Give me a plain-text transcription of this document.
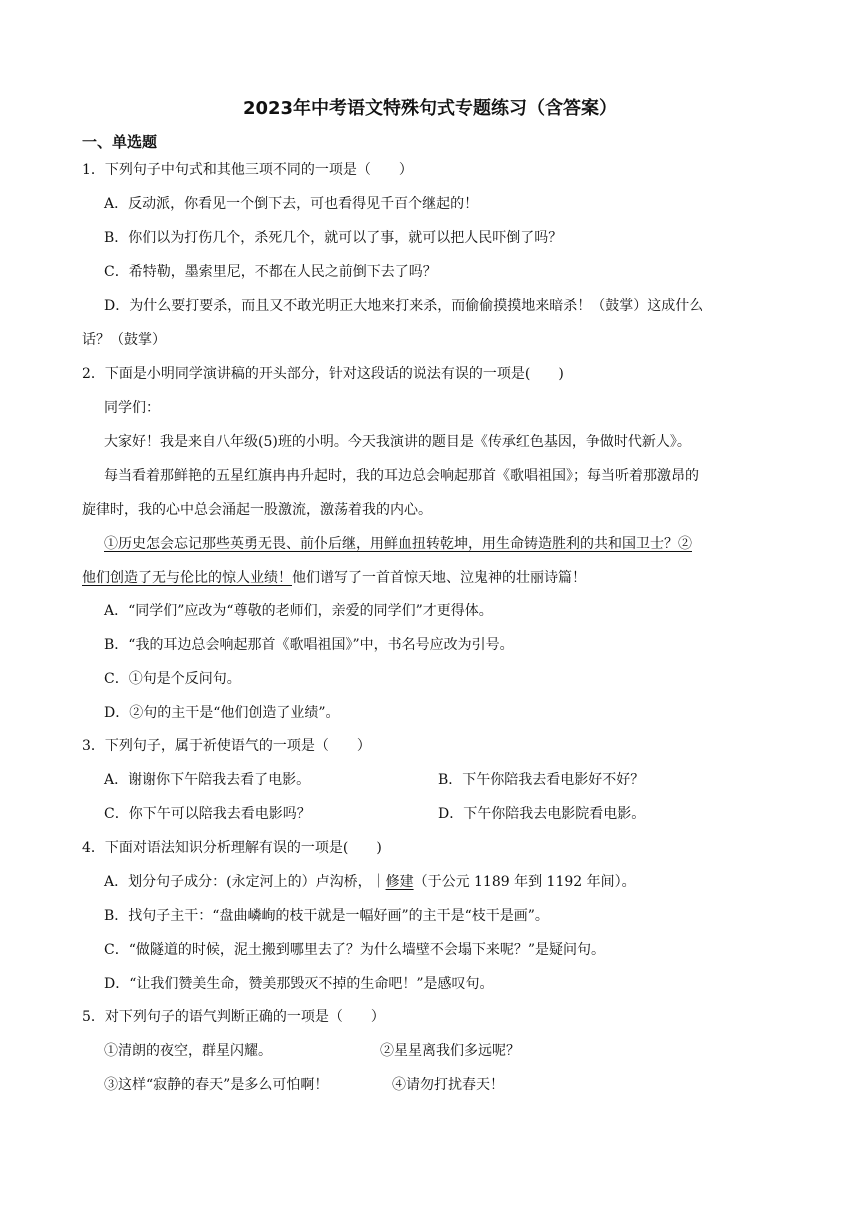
2023年中考语文特殊句式专题练习（含答案）
一、单选题
1．下列句子中句式和其他三项不同的一项是（　　）
A．反动派，你看见一个倒下去，可也看得见千百个继起的！
B．你们以为打伤几个，杀死几个，就可以了事，就可以把人民吓倒了吗？
C．希特勒，墨索里尼，不都在人民之前倒下去了吗？
D．为什么要打要杀，而且又不敢光明正大地来打来杀，而偷偷摸摸地来暗杀！（鼓掌）这成什么
话？（鼓掌）
2．下面是小明同学演讲稿的开头部分，针对这段话的说法有误的一项是(　　)
同学们：
大家好！我是来自八年级(5)班的小明。今天我演讲的题目是《传承红色基因，争做时代新人》。
每当看着那鲜艳的五星红旗冉冉升起时，我的耳边总会响起那首《歌唱祖国》；每当听着那激昂的
旋律时，我的心中总会涌起一股激流，激荡着我的内心。
①历史怎会忘记那些英勇无畏、前仆后继，用鲜血扭转乾坤，用生命铸造胜利的共和国卫士？②
他们创造了无与伦比的惊人业绩！他们谱写了一首首惊天地、泣鬼神的壮丽诗篇！
A．“同学们”应改为“尊敬的老师们，亲爱的同学们”才更得体。
B．“我的耳边总会响起那首《歌唱祖国》”中，书名号应改为引号。
C．①句是个反问句。
D．②句的主干是“他们创造了业绩”。
3．下列句子，属于祈使语气的一项是（　　）
A．谢谢你下午陪我去看了电影。	B．下午你陪我去看电影好不好？
C．你下午可以陪我去看电影吗？	D．下午你陪我去电影院看电影。
4．下面对语法知识分析理解有误的一项是(　　)
A．划分句子成分：(永定河上的）卢沟桥，｜修建（于公元 1189 年到 1192 年间）。
B．找句子主干：“盘曲嶙峋的枝干就是一幅好画”的主干是“枝干是画”。
C．“做隧道的时候，泥土搬到哪里去了？为什么墙壁不会塌下来呢？”是疑问句。
D．“让我们赞美生命，赞美那毁灭不掉的生命吧！”是感叹句。
5．对下列句子的语气判断正确的一项是（　　）
①清朗的夜空，群星闪耀。	②星星离我们多远呢？
③这样“寂静的春天”是多么可怕啊！	④请勿打扰春天！
